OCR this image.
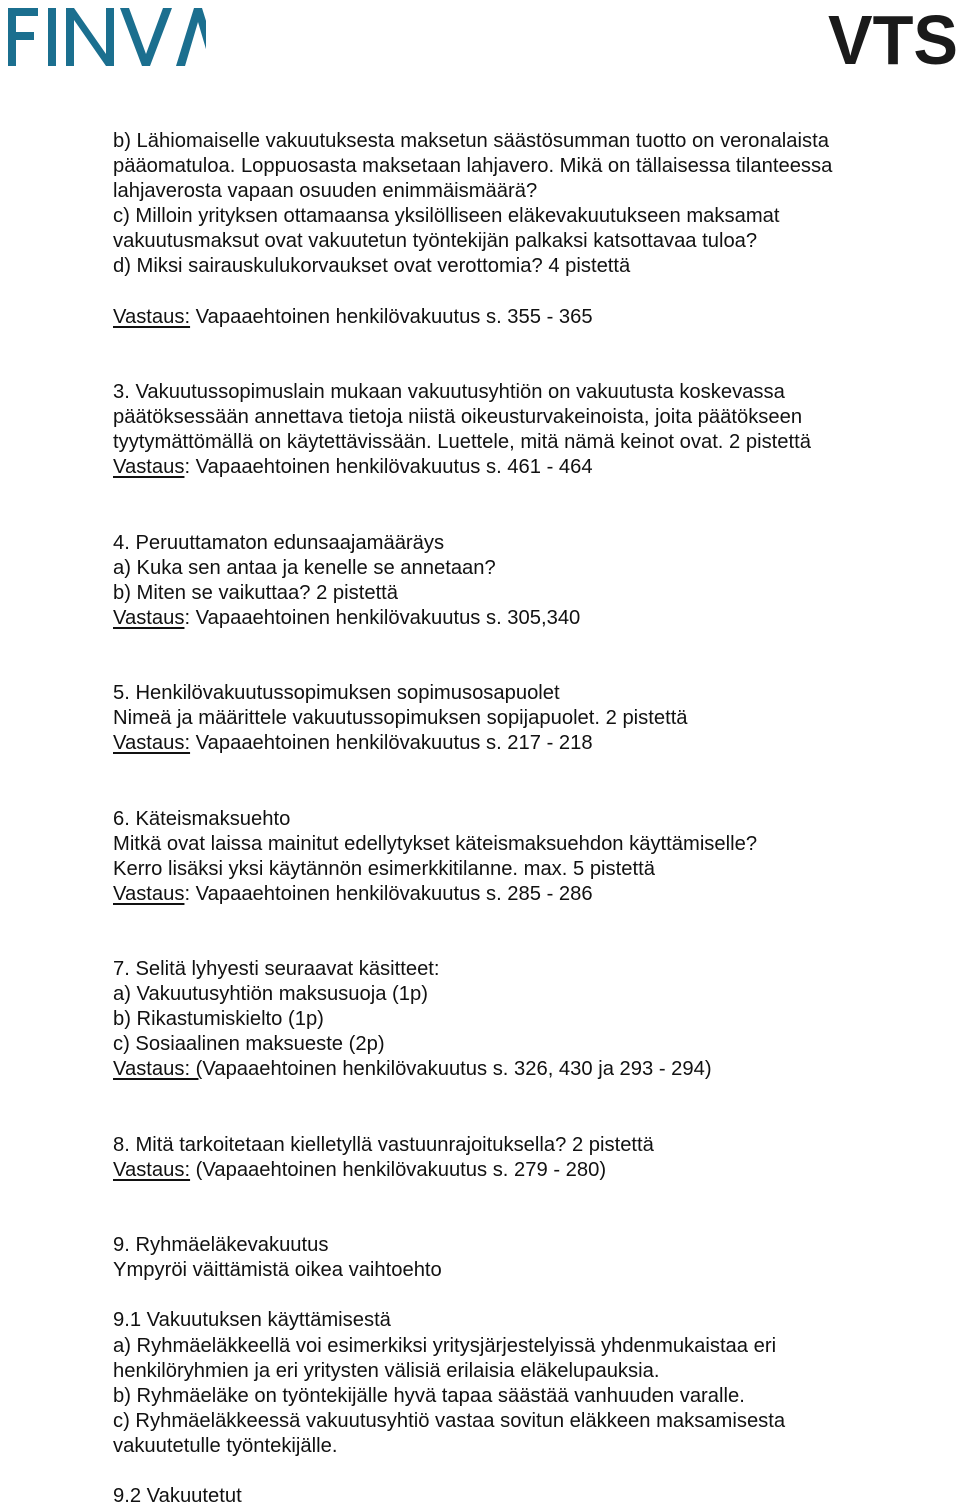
VTS
b) Lähiomaiselle vakuutuksesta maksetun säästösumman tuotto on veronalaista
pääomatuloa. Loppuosasta maksetaan lahjavero. Mikä on tällaisessa tilanteessa
lahjaverosta vapaan osuuden enimmäismäärä?
c) Milloin yrityksen ottamaansa yksilölliseen eläkevakuutukseen maksamat
vakuutusmaksut ovat vakuutetun työntekijän palkaksi katsottavaa tuloa?
d) Miksi sairauskulukorvaukset ovat verottomia? 4 pistettä
Vastaus: Vapaaehtoinen henkilövakuutus s. 355 - 365
3. Vakuutussopimuslain mukaan vakuutusyhtiön on vakuutusta koskevassa
päätöksessään annettava tietoja niistä oikeusturvakeinoista, joita päätökseen
tyytymättömällä on käytettävissään. Luettele, mitä nämä keinot ovat. 2 pistettä
Vastaus: Vapaaehtoinen henkilövakuutus s. 461 - 464
4. Peruuttamaton edunsaajamääräys
a) Kuka sen antaa ja kenelle se annetaan?
b) Miten se vaikuttaa? 2 pistettä
Vastaus: Vapaaehtoinen henkilövakuutus s. 305,340
5. Henkilövakuutussopimuksen sopimusosapuolet
Nimeä ja määrittele vakuutussopimuksen sopijapuolet. 2 pistettä
Vastaus: Vapaaehtoinen henkilövakuutus s. 217 - 218
6. Käteismaksuehto
Mitkä ovat laissa mainitut edellytykset käteismaksuehdon käyttämiselle?
Kerro lisäksi yksi käytännön esimerkkitilanne. max. 5 pistettä
Vastaus: Vapaaehtoinen henkilövakuutus s. 285 - 286
7. Selitä lyhyesti seuraavat käsitteet:
a) Vakuutusyhtiön maksusuoja (1p)
b) Rikastumiskielto (1p)
c) Sosiaalinen maksueste (2p)
Vastaus: (Vapaaehtoinen henkilövakuutus s. 326, 430 ja 293 - 294)
8. Mitä tarkoitetaan kielletyllä vastuunrajoituksella? 2 pistettä
Vastaus: (Vapaaehtoinen henkilövakuutus s. 279 - 280)
9. Ryhmäeläkevakuutus
Ympyröi väittämistä oikea vaihtoehto
9.1 Vakuutuksen käyttämisestä
a) Ryhmäeläkkeellä voi esimerkiksi yritysjärjestelyissä yhdenmukaistaa eri
henkilöryhmien ja eri yritysten välisiä erilaisia eläkelupauksia.
b) Ryhmäeläke on työntekijälle hyvä tapaa säästää vanhuuden varalle.
c) Ryhmäeläkkeessä vakuutusyhtiö vastaa sovitun eläkkeen maksamisesta
vakuutetulle työntekijälle.
9.2 Vakuutetut
